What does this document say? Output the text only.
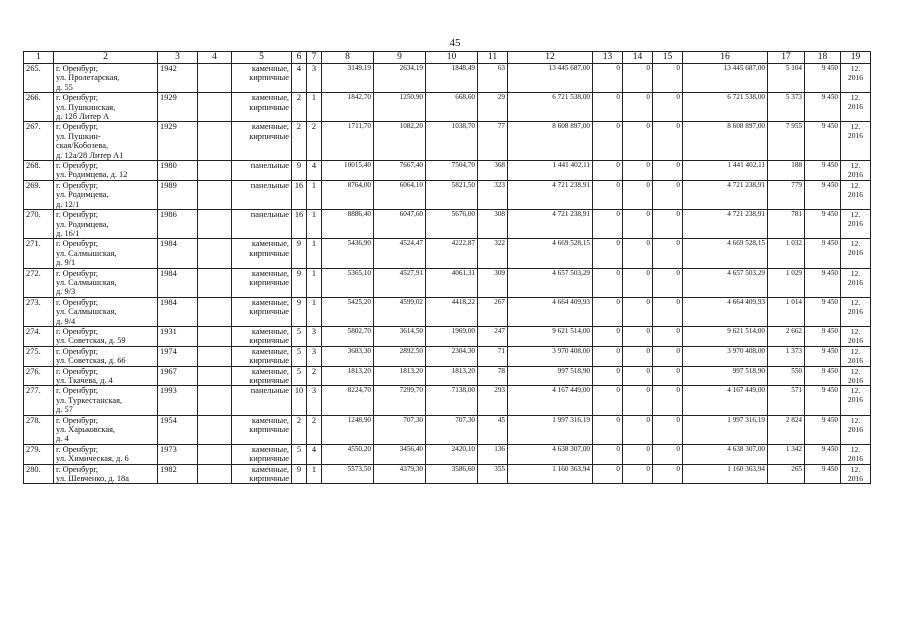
45
1	2	3	4	5	6	7	8	9	10	11	12	13	14	15	16	17	18	19
265.	г. Оренбург,
ул. Пролетарская,
д. 55	1942		каменные,
кирпичные	4	3	3149,19	2634,19	1848,49	63	13 445 687,00	0	0	0	13 445 687,00	5 104	9 450	12.
2016

266.	г. Оренбург,
ул. Пушкинская,
д. 12б Литер А	1929		каменные,
кирпичные	2	1	1842,70	1250,90	668,60	29	6 721 538,00	0	0	0	6 721 538,00	5 373	9 450	12.
2016

267.	г. Оренбург,
ул. Пушкин-
ская/Кобозева,
д. 12а/28 Литер А1	1929		каменные,
кирпичные	2	2	1711,70	1082,20	1038,70	77	8 608 897,00	0	0	0	8 608 897,00	7 955	9 450	12.
2016

268.	г. Оренбург,
ул. Родимцева, д. 12	1980		панельные	9	4	10015,40	7667,40	7504,70	368	1 441 402,11	0	0	0	1 441 402,11	188	9 450	12.
2016

269.	г. Оренбург,
ул. Родимцева,
д. 12/1	1989		панельные	16	1	8764,00	6064,10	5821,50	323	4 721 238,91	0	0	0	4 721 238,91	779	9 450	12.
2016

270.	г. Оренбург,
ул. Родимцева,
д. 16/1	1986		панельные	16	1	8886,40	6047,60	5676,00	308	4 721 238,91	0	0	0	4 721 238,91	781	9 450	12.
2016

271.	г. Оренбург,
ул. Салмышская,
д. 9/1	1984		каменные,
кирпичные	9	1	5436,90	4524,47	4222,87	322	4 669 528,15	0	0	0	4 669 528,15	1 032	9 450	12.
2016

272.	г. Оренбург,
ул. Салмышская,
д. 9/3	1984		каменные,
кирпичные	9	1	5365,10	4527,91	4061,31	309	4 657 503,29	0	0	0	4 657 503,29	1 029	9 450	12.
2016

273.	г. Оренбург,
ул. Салмышская,
д. 9/4	1984		каменные,
кирпичные	9	1	5425,20	4599,02	4418,22	267	4 664 409,93	0	0	0	4 664 409,93	1 014	9 450	12.
2016

274.	г. Оренбург,
ул. Советская, д. 59	1931		каменные,
кирпичные	5	3	5802,70	3614,50	1969,00	247	9 621 514,00	0	0	0	9 621 514,00	2 662	9 450	12.
2016

275.	г. Оренбург,
ул. Советская, д. 66	1974		каменные,
кирпичные	5	3	3683,30	2892,50	2304,30	71	3 970 408,00	0	0	0	3 970 408,00	1 373	9 450	12.
2016

276.	г. Оренбург,
ул. Ткачева, д. 4	1967		каменные,
кирпичные	5	2	1813,20	1813,20	1813,20	78	997 518,90	0	0	0	997 518,90	550	9 450	12.
2016

277.	г. Оренбург,
ул. Туркестанская,
д. 57	1993		панельные	10	3	8224,70	7299,70	7138,00	293	4 167 449,00	0	0	0	4 167 449,00	571	9 450	12.
2016

278.	г. Оренбург,
ул. Харьковская,
д. 4	1954		каменные,
кирпичные	2	2	1248,90	707,30	707,30	45	1 997 316,19	0	0	0	1 997 316,19	2 824	9 450	12.
2016

279.	г. Оренбург,
ул. Химическая, д. 6	1973		каменные,
кирпичные	5	4	4550,20	3456,40	2420,10	136	4 638 307,00	0	0	0	4 638 307,00	1 342	9 450	12.
2016

280.	г. Оренбург,
ул. Шевченко, д. 18а	1982		каменные,
кирпичные	9	1	5573,50	4379,30	3586,60	355	1 160 363,94	0	0	0	1 160 363,94	265	9 450	12.
2016
